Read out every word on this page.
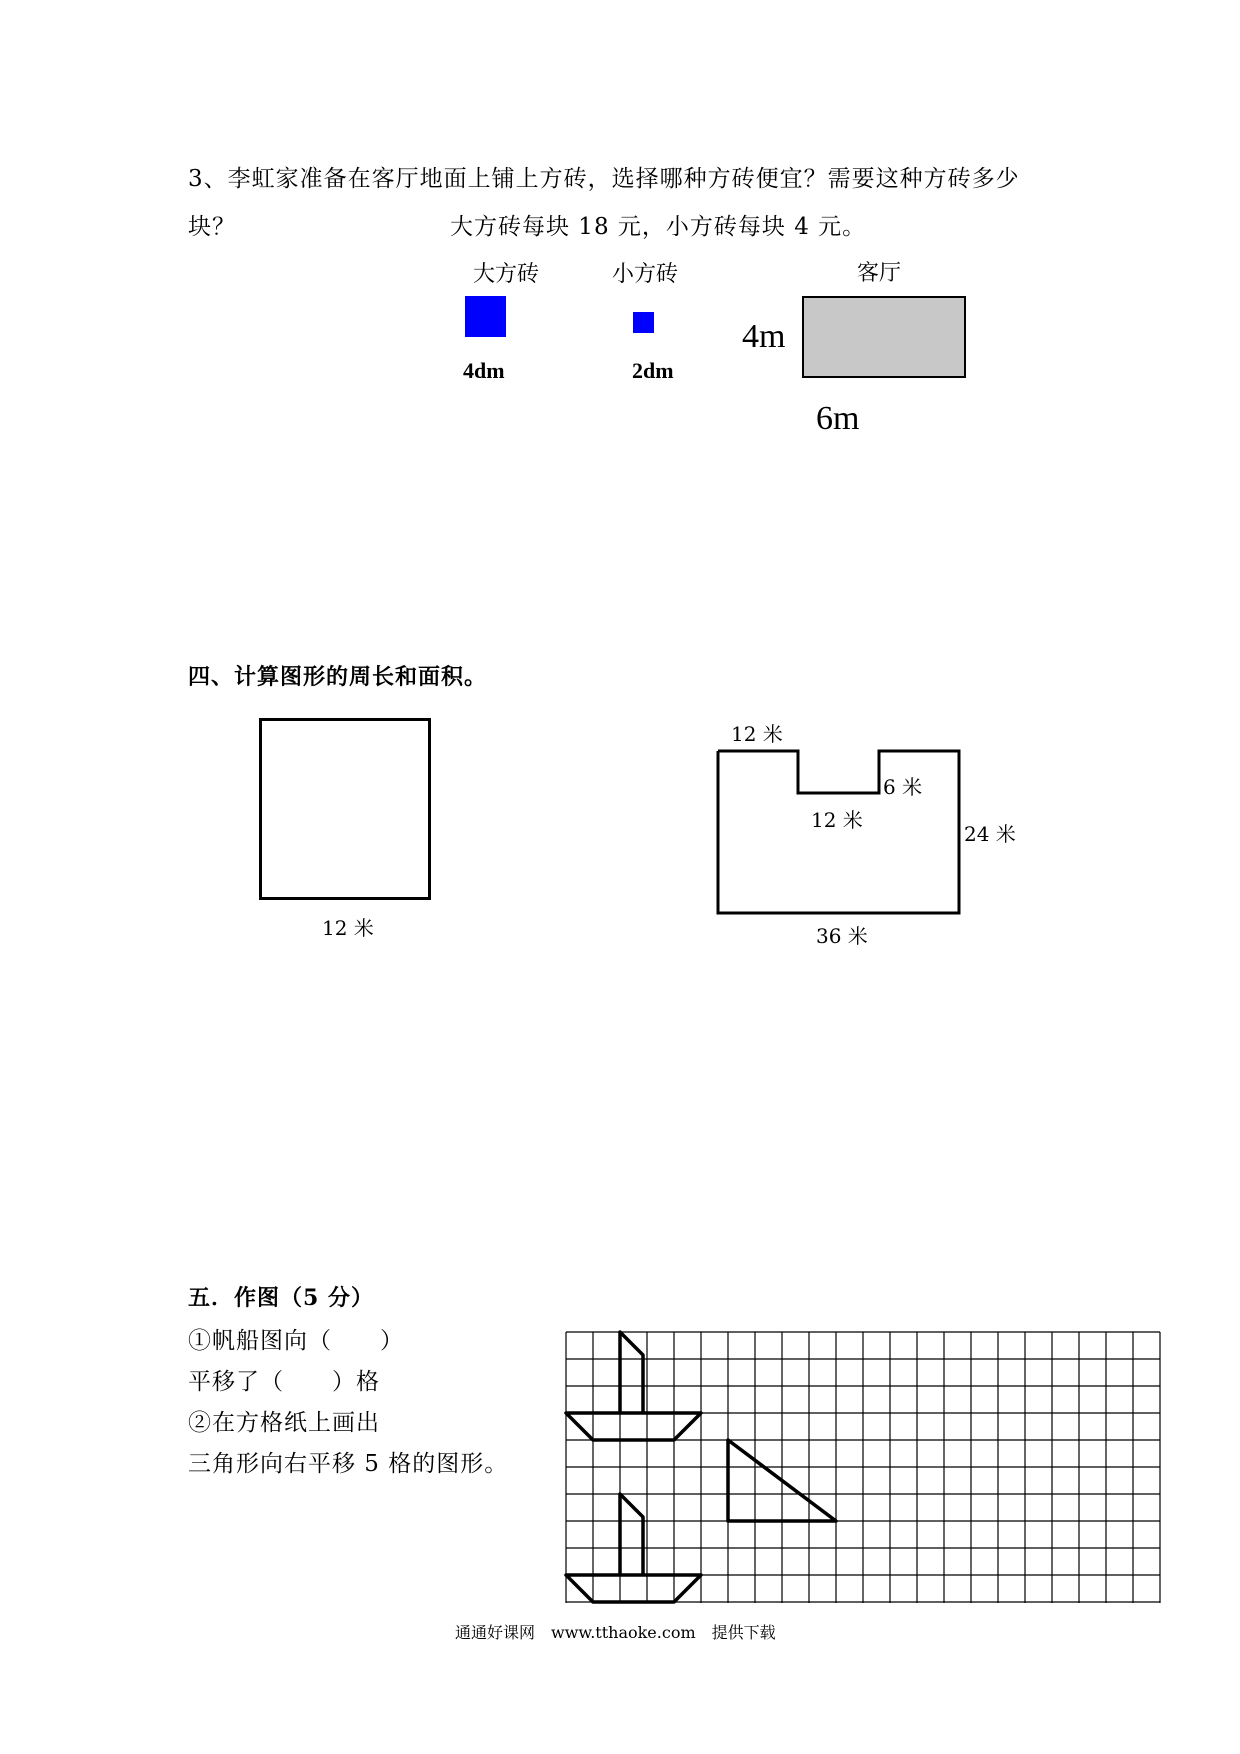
3、李虹家准备在客厅地面上铺上方砖，选择哪种方砖便宜？需要这种方砖多少
块？	大方砖每块 18 元，小方砖每块 4 元。
大方砖	小方砖	客厅
4dm	2dm
4m
6m
四、计算图形的周长和面积。
12 米
12 米
6 米
12 米
24 米
36 米
五．作图（5 分）
①帆船图向（　　）
平移了（　　）格
②在方格纸上画出
三角形向右平移 5 格的图形。
通通好课网　www.tthaoke.com　提供下载
